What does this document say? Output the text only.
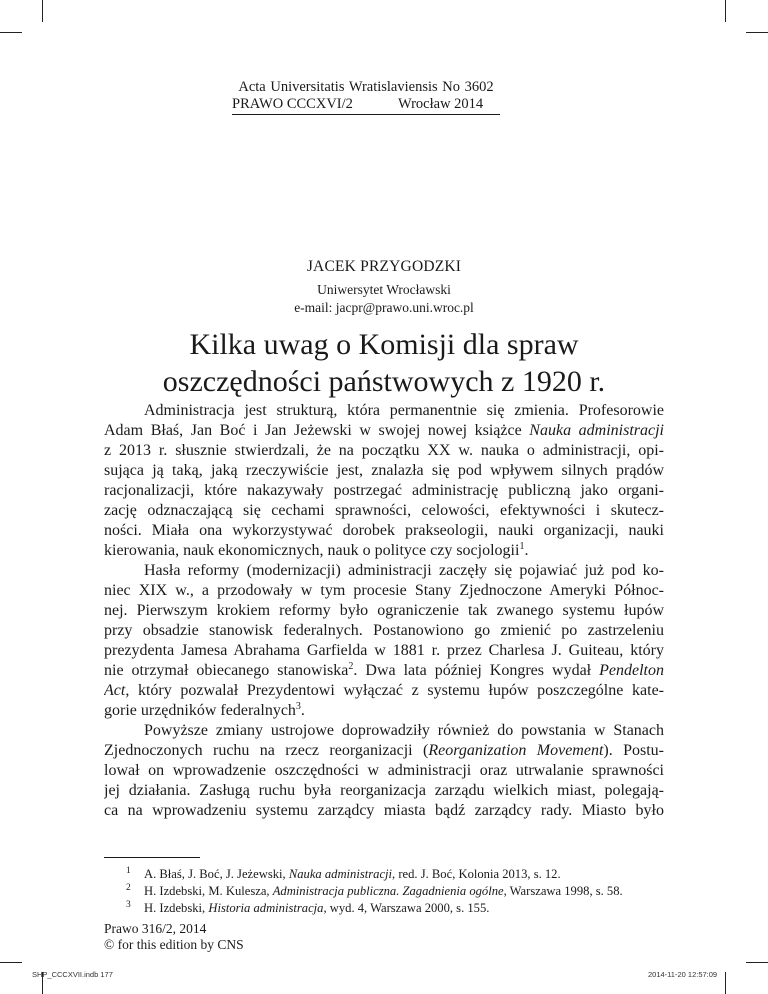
Acta Universitatis Wratislaviensis No 3602
PRAWO CCCXVI/2	Wrocław 2014
JACEK PRZYGODZKI
Uniwersytet Wrocławski
e-mail: jacpr@prawo.uni.wroc.pl
Kilka uwag o Komisji dla spraw
oszczędności państwowych z 1920 r.
Administracja jest strukturą, która permanentnie się zmienia. Profesorowie
Adam Błaś, Jan Boć i Jan Jeżewski w swojej nowej książce Nauka administracji
z 2013 r. słusznie stwierdzali, że na początku XX w. nauka o administracji, opi-
sująca ją taką, jaką rzeczywiście jest, znalazła się pod wpływem silnych prądów
racjonalizacji, które nakazywały postrzegać administrację publiczną jako organi-
zację odznaczającą się cechami sprawności, celowości, efektywności i skutecz-
ności. Miała ona wykorzystywać dorobek prakseologii, nauki organizacji, nauki
kierowania, nauk ekonomicznych, nauk o polityce czy socjologii$^1$.
Hasła reformy (modernizacji) administracji zaczęły się pojawiać już pod ko-
niec XIX w., a przodowały w tym procesie Stany Zjednoczone Ameryki Północ-
nej. Pierwszym krokiem reformy było ograniczenie tak zwanego systemu łupów
przy obsadzie stanowisk federalnych. Postanowiono go zmienić po zastrzeleniu
prezydenta Jamesa Abrahama Garfielda w 1881 r. przez Charlesa J. Guiteau, który
nie otrzymał obiecanego stanowiska$^2$. Dwa lata później Kongres wydał Pendelton
Act, który pozwalał Prezydentowi wyłączać z systemu łupów poszczególne kate-
gorie urzędników federalnych$^3$.
Powyższe zmiany ustrojowe doprowadziły również do powstania w Stanach
Zjednoczonych ruchu na rzecz reorganizacji (Reorganization Movement). Postu-
lował on wprowadzenie oszczędności w administracji oraz utrwalanie sprawności
jej działania. Zasługą ruchu była reorganizacja zarządu wielkich miast, polegają-
ca na wprowadzeniu systemu zarządcy miasta bądź zarządcy rady. Miasto było
1 A. Błaś, J. Boć, J. Jeżewski, Nauka administracji, red. J. Boć, Kolonia 2013, s. 12.
2 H. Izdebski, M. Kulesza, Administracja publiczna. Zagadnienia ogólne, Warszawa 1998, s. 58.
3 H. Izdebski, Historia administracja, wyd. 4, Warszawa 2000, s. 155.
Prawo 316/2, 2014
© for this edition by CNS
SHP_CCCXVII.indb 177	2014-11-20 12:57:09
